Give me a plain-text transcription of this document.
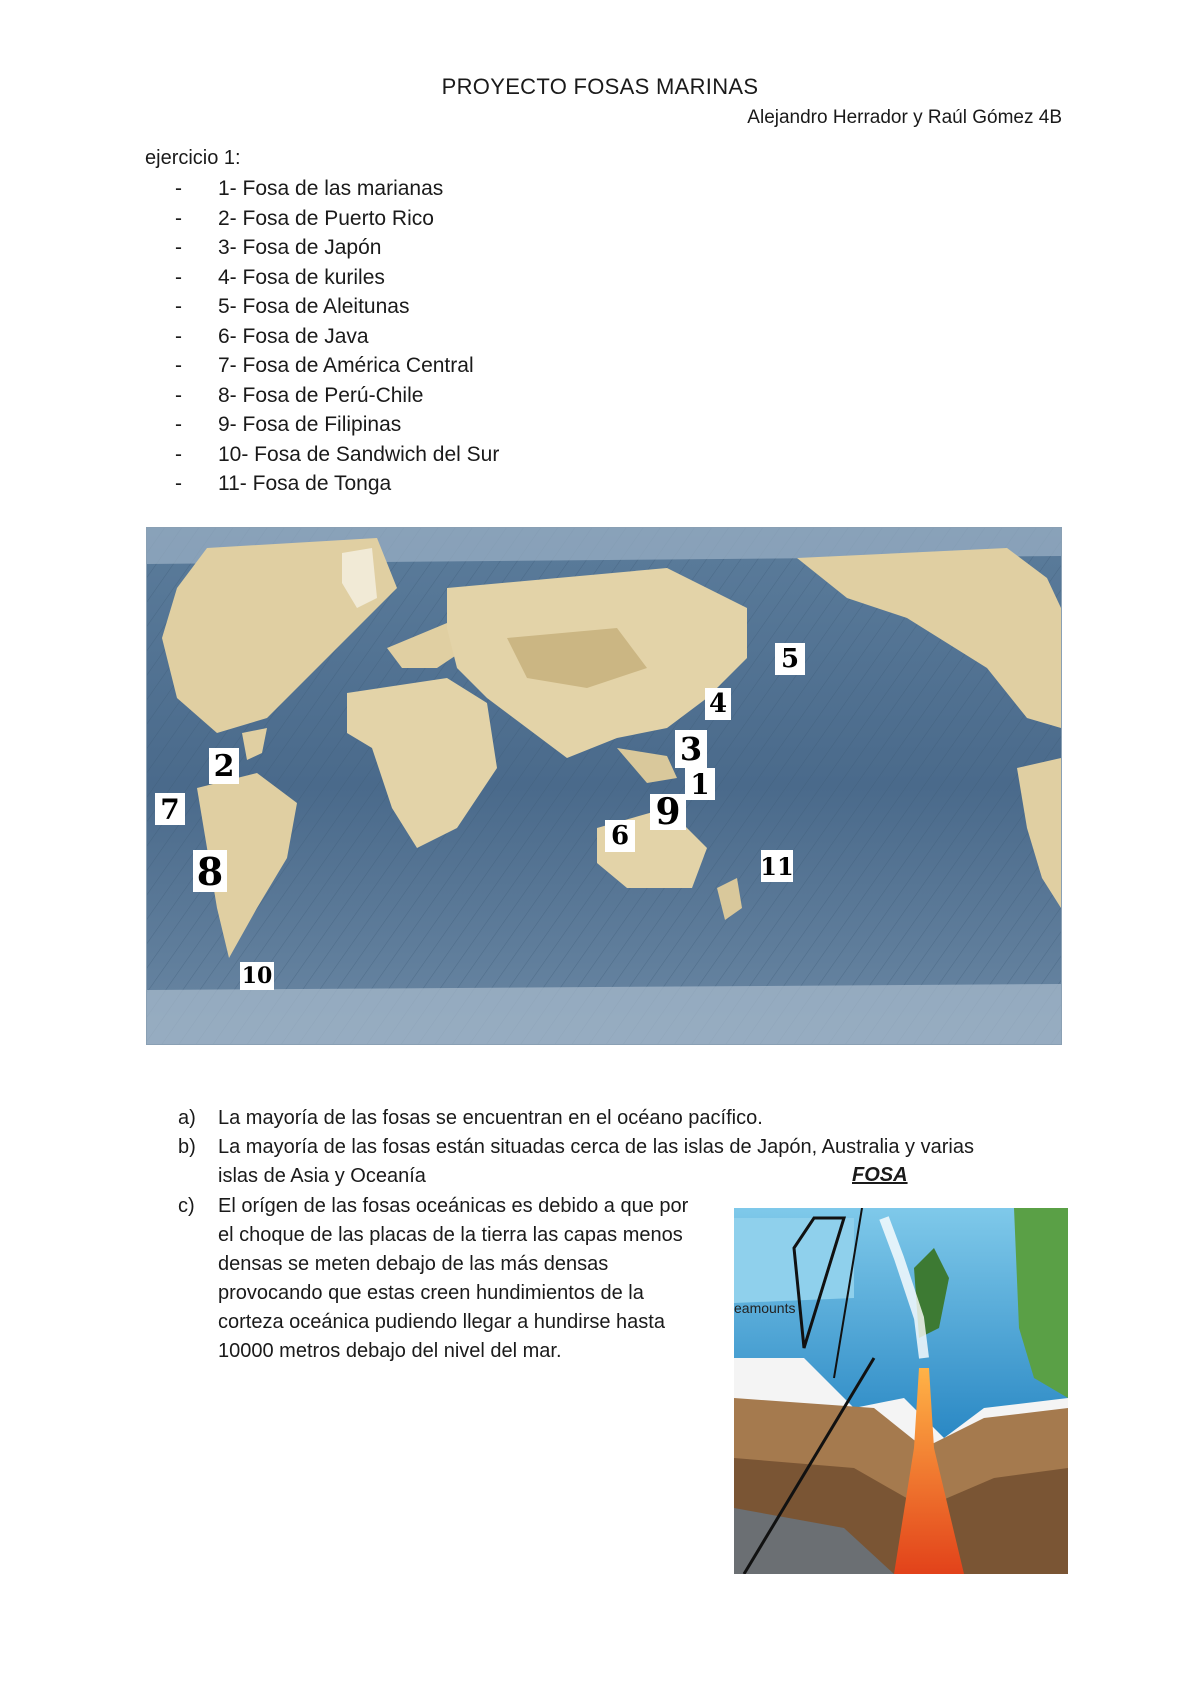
PROYECTO FOSAS MARINAS
Alejandro Herrador y Raúl Gómez 4B
ejercicio 1:
-	1- Fosa de las marianas
-	2- Fosa de Puerto Rico
-	3- Fosa de Japón
-	4- Fosa de kuriles
-	5- Fosa de Aleitunas
-	6- Fosa de Java
-	7- Fosa de América Central
-	8- Fosa de Perú-Chile
-	9- Fosa de Filipinas
-	10- Fosa de Sandwich del Sur
-	11- Fosa de Tonga
5
4
3
1
2
7	9
6
8	11
10
a)	La mayoría de las fosas se encuentran en el océano pacífico.
b)	La mayoría de las fosas están situadas cerca de las islas de Japón, Australia y varias islas de Asia y Oceanía
c)	El orígen de las fosas oceánicas es debido a que por el choque de las placas de la tierra las capas menos densas se meten debajo de las más densas provocando que estas creen hundimientos de la corteza oceánica pudiendo llegar a hundirse hasta 10000 metros debajo del nivel del mar.
FOSA
eamounts
